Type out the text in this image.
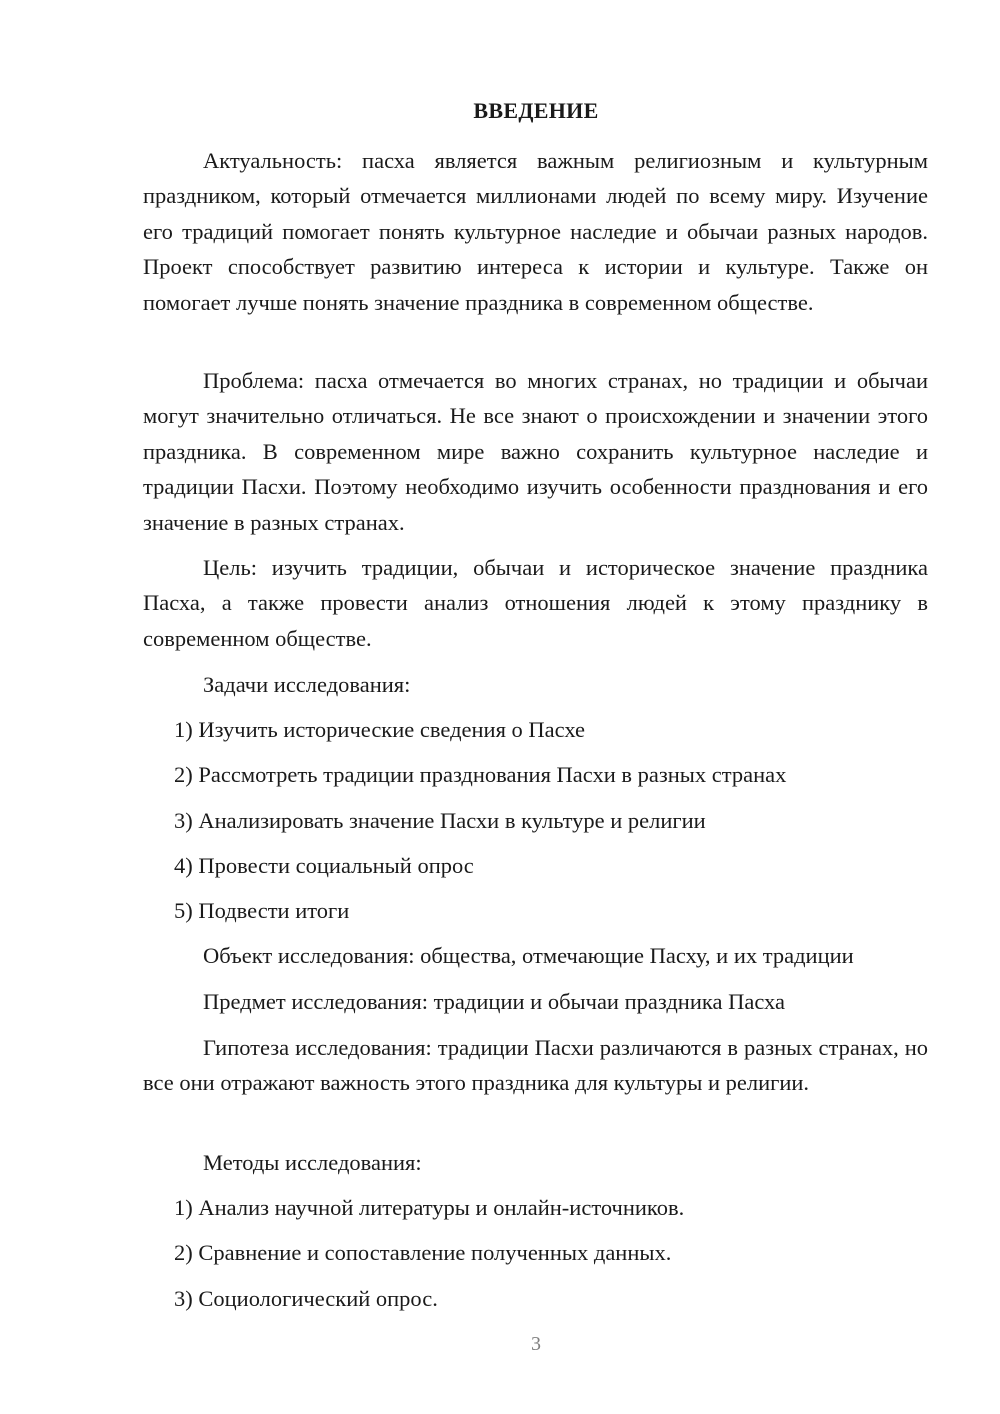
ВВЕДЕНИЕ

Актуальность: пасха является важным религиозным и культурным праздником, который отмечается миллионами людей по всему миру. Изучение его традиций помогает понять культурное наследие и обычаи разных народов. Проект способствует развитию интереса к истории и культуре. Также он помогает лучше понять значение праздника в современном обществе.

Проблема: пасха отмечается во многих странах, но традиции и обычаи могут значительно отличаться. Не все знают о происхождении и значении этого праздника. В современном мире важно сохранить культурное наследие и традиции Пасхи. Поэтому необходимо изучить особенности празднования и его значение в разных странах.

Цель: изучить традиции, обычаи и историческое значение праздника Пасха, а также провести анализ отношения людей к этому празднику в современном обществе.

Задачи исследования:
1) Изучить исторические сведения о Пасхе
2) Рассмотреть традиции празднования Пасхи в разных странах
3) Анализировать значение Пасхи в культуре и религии
4) Провести социальный опрос
5) Подвести итоги
Объект исследования: общества, отмечающие Пасху, и их традиции
Предмет исследования: традиции и обычаи праздника Пасха

Гипотеза исследования: традиции Пасхи различаются в разных странах, но все они отражают важность этого праздника для культуры и религии.

Методы исследования:
1) Анализ научной литературы и онлайн-источников.
2) Сравнение и сопоставление полученных данных.
3) Социологический опрос.
3
